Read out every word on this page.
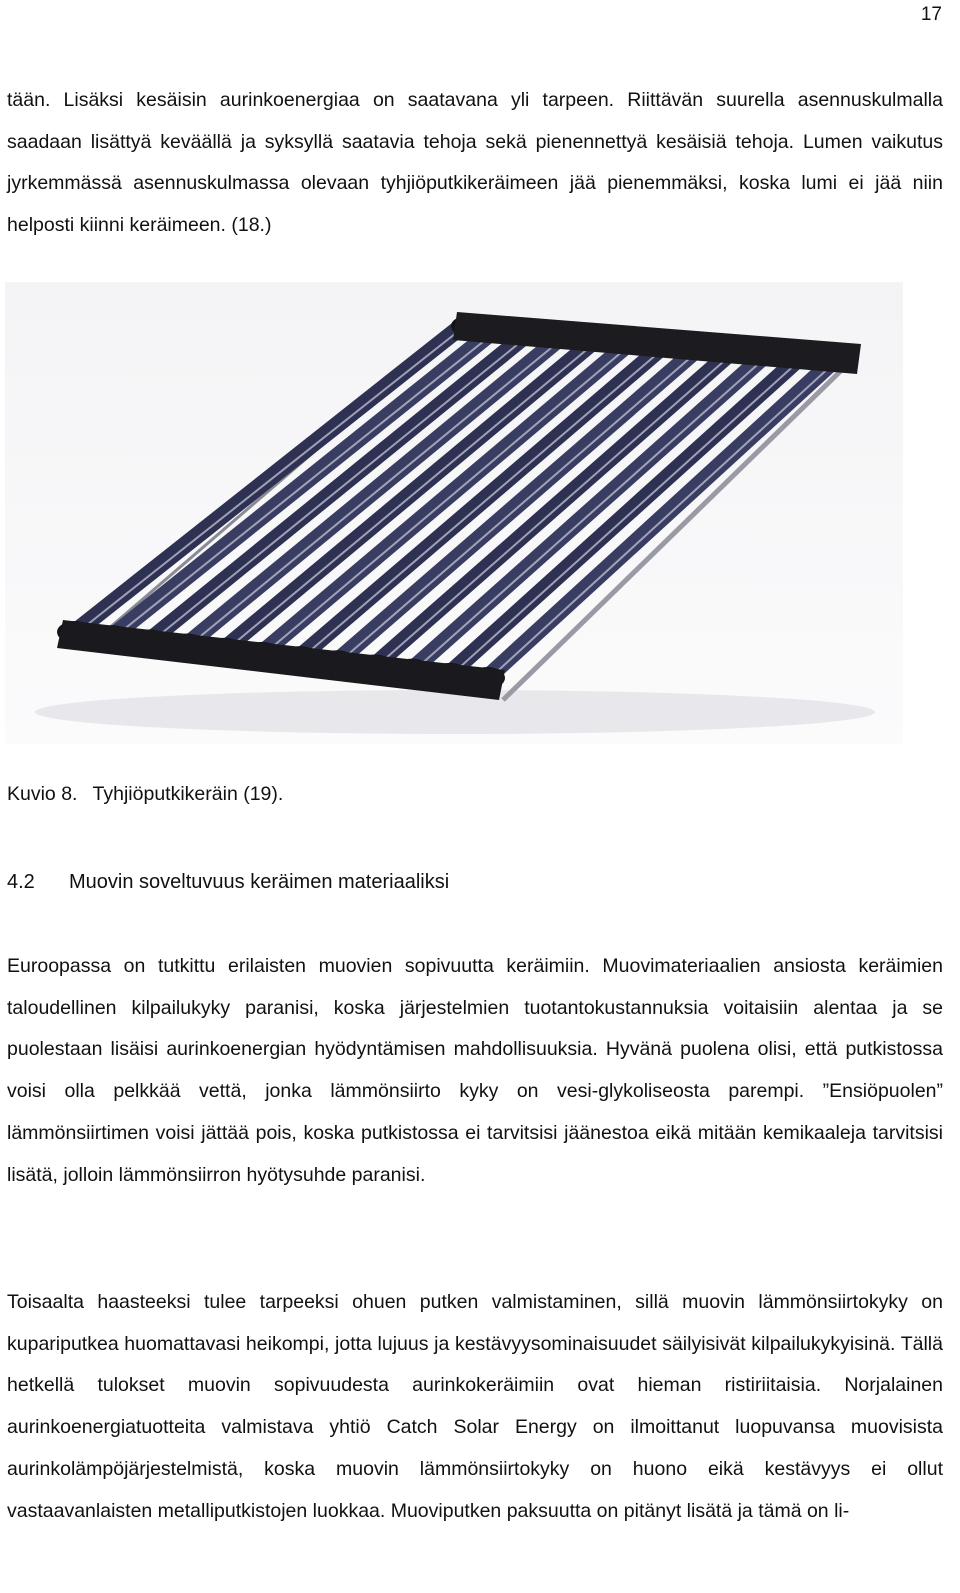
17

tään. Lisäksi kesäisin aurinkoenergiaa on saatavana yli tarpeen. Riittävän suurella asennuskulmalla saadaan lisättyä keväällä ja syksyllä saatavia tehoja sekä pienennettyä kesäisiä tehoja. Lumen vaikutus jyrkemmässä asennuskulmassa olevaan tyhjiöputkikeräimeen jää pienemmäksi, koska lumi ei jää niin helposti kiinni keräimeen. (18.)

Kuvio 8. Tyhjiöputkikeräin (19).
4.2 Muovin soveltuvuus keräimen materiaaliksi

Euroopassa on tutkittu erilaisten muovien sopivuutta keräimiin. Muovimateriaalien ansiosta keräimien taloudellinen kilpailukyky paranisi, koska järjestelmien tuotantokustannuksia voitaisiin alentaa ja se puolestaan lisäisi aurinkoenergian hyödyntämisen mahdollisuuksia. Hyvänä puolena olisi, että putkistossa voisi olla pelkkää vettä, jonka lämmönsiirto kyky on vesi-glykoliseosta parempi. ”Ensiöpuolen” lämmönsiirtimen voisi jättää pois, koska putkistossa ei tarvitsisi jäänestoa eikä mitään kemikaaleja tarvitsisi lisätä, jolloin lämmönsiirron hyötysuhde paranisi.

Toisaalta haasteeksi tulee tarpeeksi ohuen putken valmistaminen, sillä muovin lämmönsiirtokyky on kupariputkea huomattavasi heikompi, jotta lujuus ja kestävyysominaisuudet säilyisivät kilpailukykyisinä. Tällä hetkellä tulokset muovin sopivuudesta aurinkokeräimiin ovat hieman ristiriitaisia. Norjalainen aurinkoenergiatuotteita valmistava yhtiö Catch Solar Energy on ilmoittanut luopuvansa muovisista aurinkolämpöjärjestelmistä, koska muovin lämmönsiirtokyky on huono eikä kestävyys ei ollut vastaavanlaisten metalliputkistojen luokkaa. Muoviputken paksuutta on pitänyt lisätä ja tämä on li-
